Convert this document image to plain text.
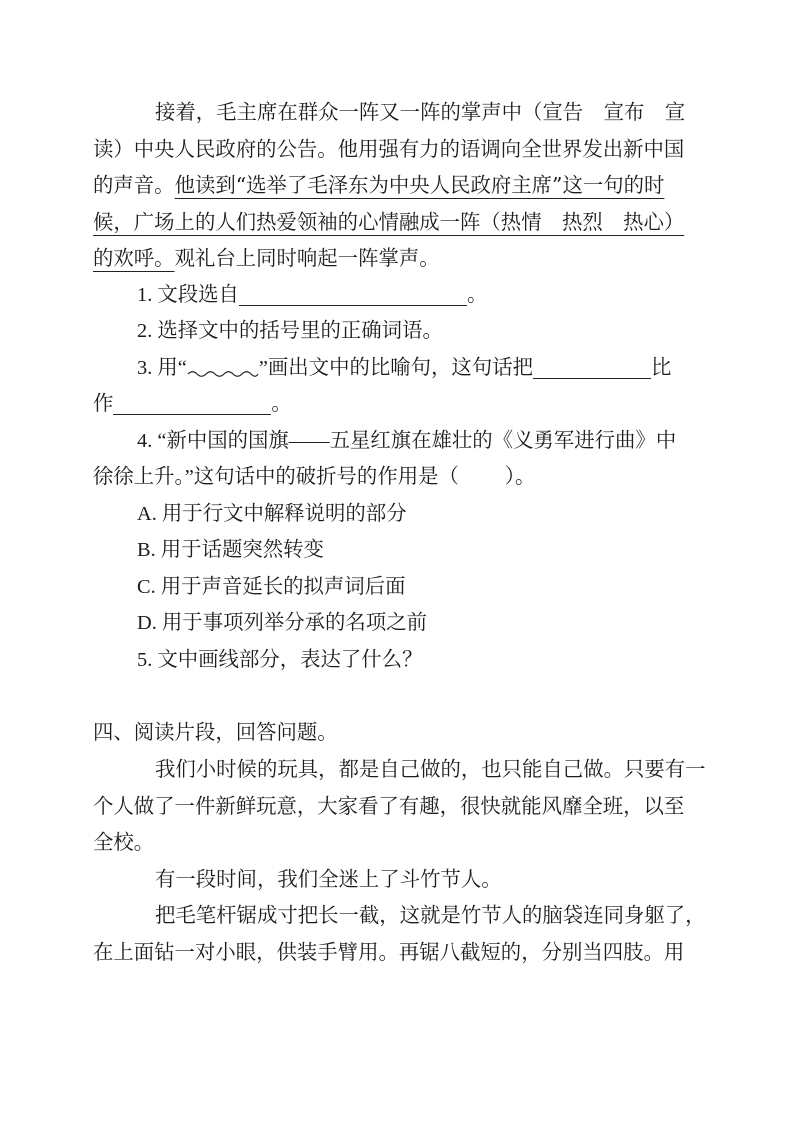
接着，毛主席在群众一阵又一阵的掌声中（宣告　宣布　宣
读）中央人民政府的公告。他用强有力的语调向全世界发出新中国
的声音。他读到“选举了毛泽东为中央人民政府主席”这一句的时
候，广场上的人们热爱领袖的心情融成一阵（热情　热烈　热心）
的欢呼。观礼台上同时响起一阵掌声。
1. 文段选自	。
2. 选择文中的括号里的正确词语。
3. 用“	”画出文中的比喻句，这句话把	比
作	。
4. “新中国的国旗——五星红旗在雄壮的《义勇军进行曲》中
徐徐上升。”这句话中的破折号的作用是（　　 ）。
A. 用于行文中解释说明的部分
B. 用于话题突然转变
C. 用于声音延长的拟声词后面
D. 用于事项列举分承的名项之前
5. 文中画线部分，表达了什么？
四、阅读片段，回答问题。
我们小时候的玩具，都是自己做的，也只能自己做。只要有一
个人做了一件新鲜玩意，大家看了有趣，很快就能风靡全班，以至
全校。
有一段时间，我们全迷上了斗竹节人。
把毛笔杆锯成寸把长一截，这就是竹节人的脑袋连同身躯了，
在上面钻一对小眼，供装手臂用。再锯八截短的，分别当四肢。用
